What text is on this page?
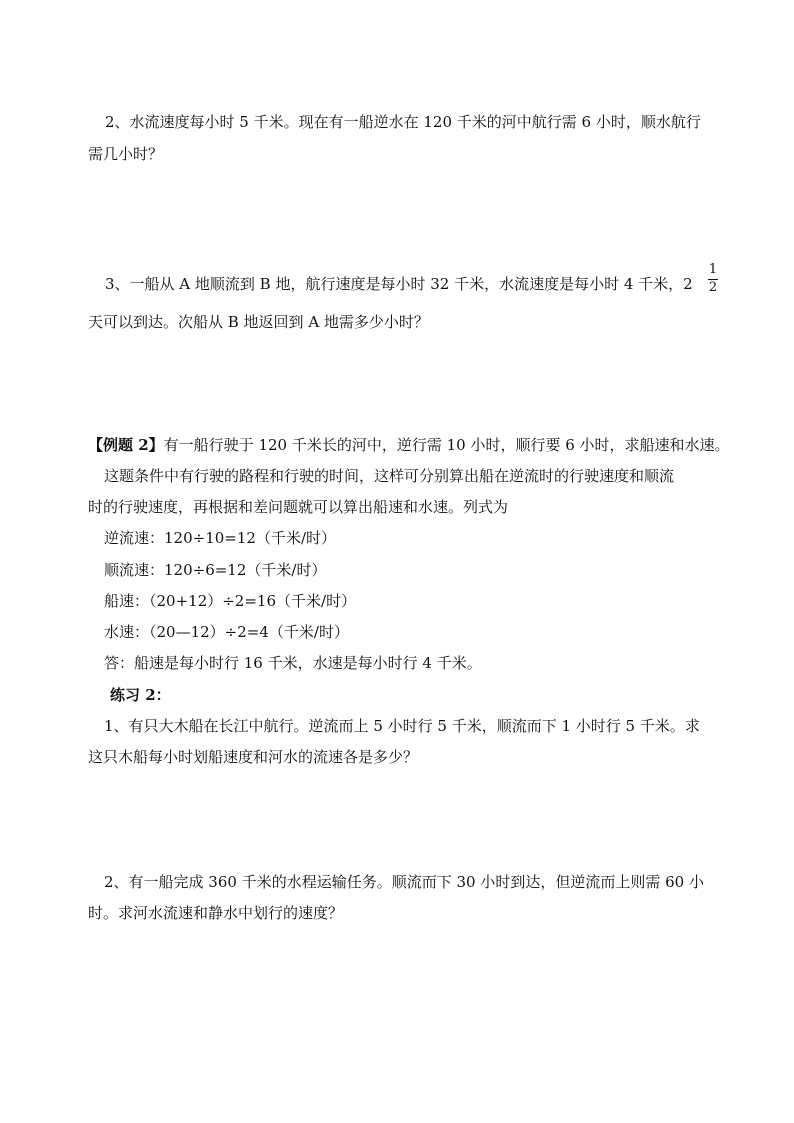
2、水流速度每小时 5 千米。现在有一船逆水在 120 千米的河中航行需 6 小时，顺水航行
需几小时？
3、一船从 A 地顺流到 B 地，航行速度是每小时 32 千米，水流速度是每小时 4 千米，2
1
2
天可以到达。次船从 B 地返回到 A 地需多少小时？
【例题 2】有一船行驶于 120 千米长的河中，逆行需 10 小时，顺行要 6 小时，求船速和水速。
这题条件中有行驶的路程和行驶的时间，这样可分别算出船在逆流时的行驶速度和顺流
时的行驶速度，再根据和差问题就可以算出船速和水速。列式为
逆流速：120÷10=12（千米/时）
顺流速：120÷6=12（千米/时）
船速：（20+12）÷2=16（千米/时）
水速：（20—12）÷2=4（千米/时）
答：船速是每小时行 16 千米，水速是每小时行 4 千米。
练习 2：
1、有只大木船在长江中航行。逆流而上 5 小时行 5 千米，顺流而下 1 小时行 5 千米。求
这只木船每小时划船速度和河水的流速各是多少？
2、有一船完成 360 千米的水程运输任务。顺流而下 30 小时到达，但逆流而上则需 60 小
时。求河水流速和静水中划行的速度？
